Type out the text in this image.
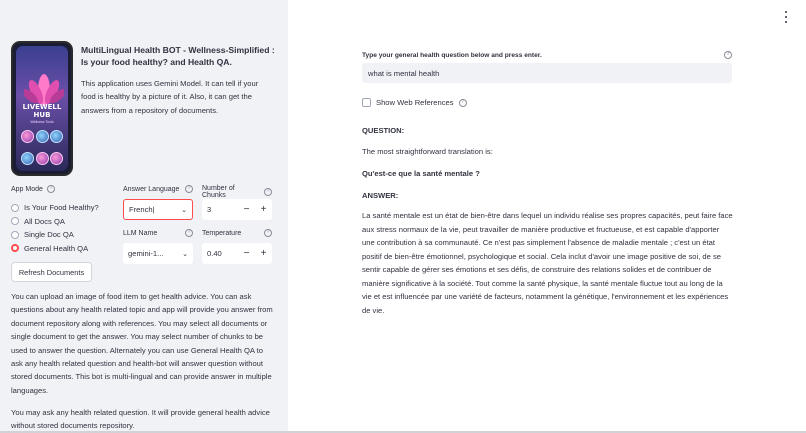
LIVEWELL
HUB
Wellness Tools
MultiLingual Health BOT - Wellness-Simplified : Is your food healthy? and Health QA.
This application uses Gemini Model. It can tell if your food is healthy by a picture of it. Also, it can get the answers from a repository of documents.
App Mode	?
Is Your Food Healthy?
All Docs QA
Single Doc QA
General Health QA
Answer Language	?
French|	⌄
Number of Chunks
?
3	−	+
LLM Name	?
gemini-1...	⌄
Temperature	?
0.40	−	+
Refresh Documents
You can upload an image of food item to get health advice. You can ask questions about any health related topic and app will provide you answer from document repository along with references. You may select all documents or single document to get the answer. You may select number of chunks to be used to answer the question. Alternately you can use General Health QA to ask any health related question and health-bot will answer question without stored documents. This bot is multi-lingual and can provide answer in multiple languages.
You may ask any health related question. It will provide general health advice without stored documents repository.
Type your general health question below and press enter.	?
what is mental health
Show Web References	?
QUESTION:
The most straightforward translation is:
Qu'est-ce que la santé mentale ?
ANSWER:
La santé mentale est un état de bien-être dans lequel un individu réalise ses propres capacités, peut faire face aux stress normaux de la vie, peut travailler de manière productive et fructueuse, et est capable d'apporter une contribution à sa communauté. Ce n'est pas simplement l'absence de maladie mentale ; c'est un état positif de bien-être émotionnel, psychologique et social. Cela inclut d'avoir une image positive de soi, de se sentir capable de gérer ses émotions et ses défis, de construire des relations solides et de contribuer de manière significative à la société. Tout comme la santé physique, la santé mentale fluctue tout au long de la vie et est influencée par une variété de facteurs, notamment la génétique, l'environnement et les expériences de vie.
